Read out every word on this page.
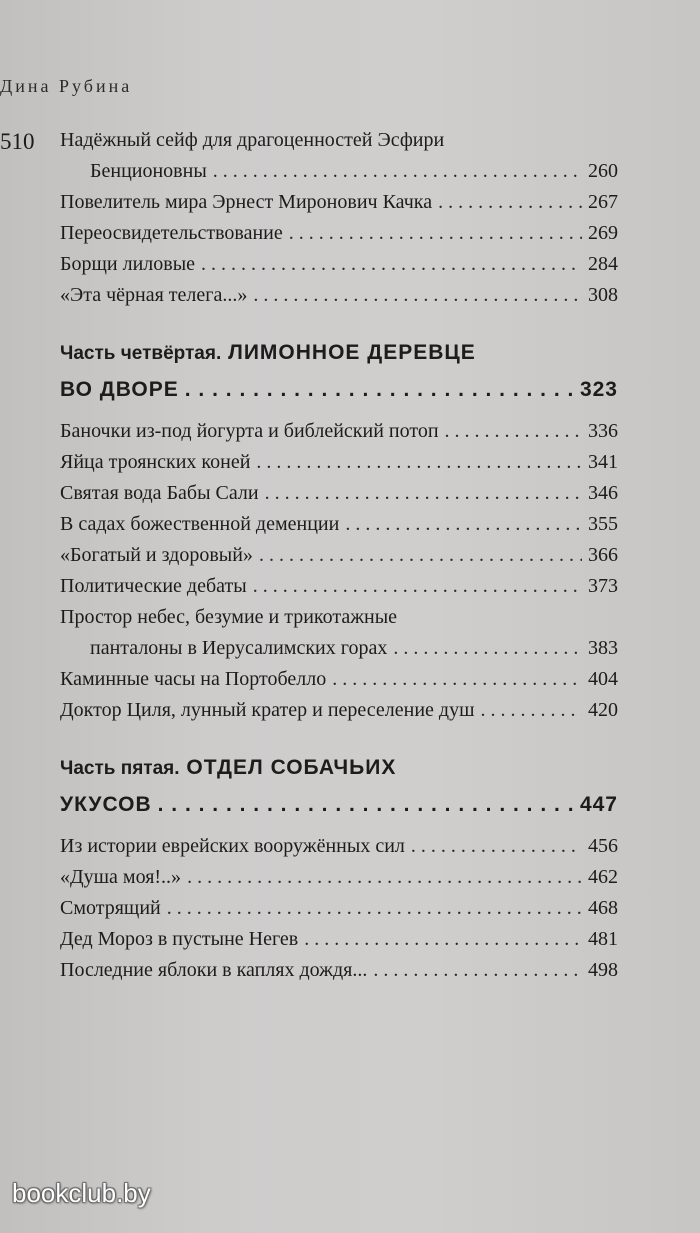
Дина Рубина
510 Надёжный сейф для драгоценностей Эсфири
Бенционовны . . .	260
Повелитель мира Эрнест Миронович Качка . . .	267
Переосвидетельствование . . .	269
Борщи лиловые . . .	284
«Эта чёрная телега...» . . .	308
Часть четвёртая. ЛИМОННОЕ ДЕРЕВЦЕ
ВО ДВОРЕ . . .	323
Баночки из-под йогурта и библейский потоп . . .	336
Яйца троянских коней . . .	341
Святая вода Бабы Сали . . .	346
В садах божественной деменции . . .	355
«Богатый и здоровый» . . .	366
Политические дебаты . . .	373
Простор небес, безумие и трикотажные
панталоны в Иерусалимских горах . . .	383
Каминные часы на Портобелло . . .	404
Доктор Циля, лунный кратер и переселение душ . . .	420
Часть пятая. ОТДЕЛ СОБАЧЬИХ
УКУСОВ . . .	447
Из истории еврейских вооружённых сил . . .	456
«Душа моя!..» . . .	462
Смотрящий . . .	468
Дед Мороз в пустыне Негев . . .	481
Последние яблоки в каплях дождя... . . .	498
bookclub.by
